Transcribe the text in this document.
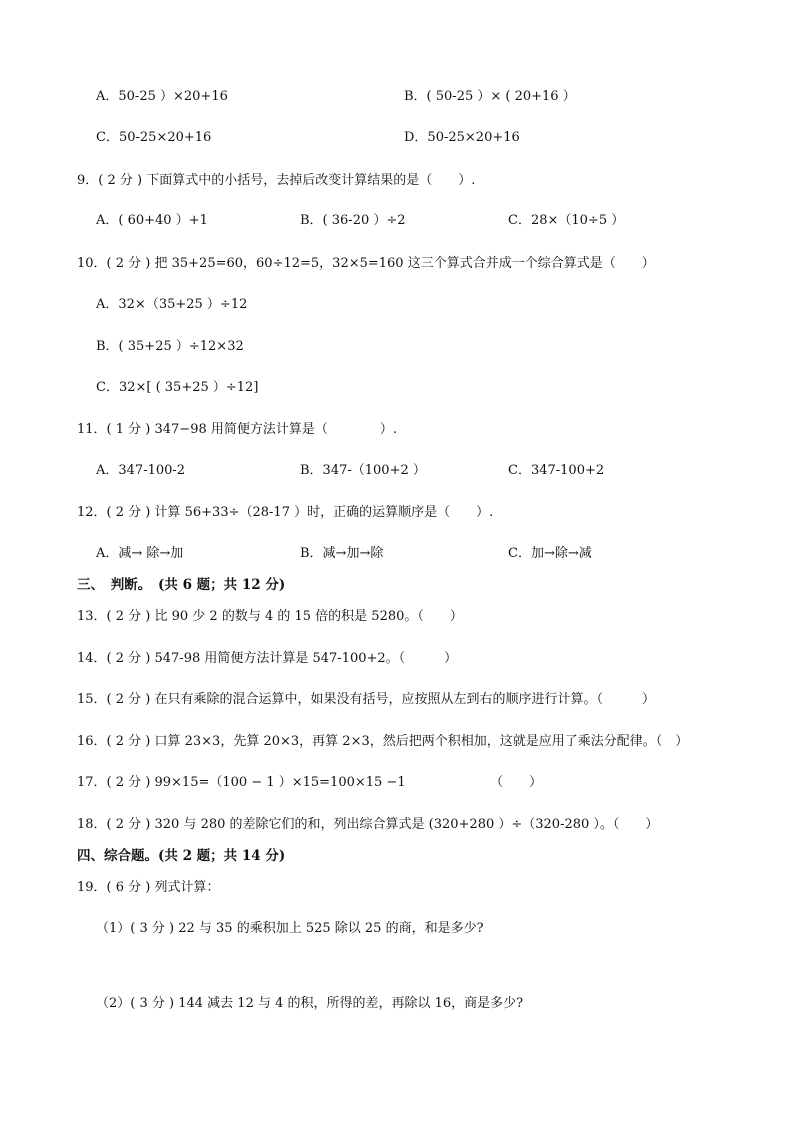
A．50-25 ）×20+16	B．( 50-25 ）× ( 20+16 ）
C．50-25×20+16	D．50-25×20+16
9．( 2 分 ) 下面算式中的小括号，去掉后改变计算结果的是（　　）.
A．( 60+40 ）+1	B．( 36-20 ）÷2	C．28×（10÷5 ）
10．( 2 分 ) 把 35+25=60，60÷12=5，32×5=160 这三个算式合并成一个综合算式是（　　）
A．32×（35+25 ）÷12
B．( 35+25 ）÷12×32
C．32×[ ( 35+25 ）÷12]
11．( 1 分 ) 347−98 用简便方法计算是（　　　　）.
A．347-100-2	B．347-（100+2 ）	C．347-100+2
12．( 2 分 ) 计算 56+33÷（28-17 ）时，正确的运算顺序是（　　）.
A．减→ 除→加	B．减→加→除	C．加→除→减
三、　判断。　(共 6 题；共 12 分)
13．( 2 分 ) 比 90 少 2 的数与 4 的 15 倍的积是 5280。（　　）
14．( 2 分 ) 547-98 用简便方法计算是 547-100+2。（　　　）
15．( 2 分 ) 在只有乘除的混合运算中，如果没有括号，应按照从左到右的顺序进行计算。（　　　）
16．( 2 分 ) 口算 23×3，先算 20×3，再算 2×3，然后把两个积相加，这就是应用了乘法分配律。（　）
17．( 2 分 ) 99×15=（100 − 1 ）×15=100×15 −1　　　　　　　（　　）
18．( 2 分 ) 320 与 280 的差除它们的和，列出综合算式是 (320+280 ）÷（320-280 ）。（　　）
四、综合题。(共 2 题；共 14 分)
19．( 6 分 ) 列式计算：
（1）( 3 分 ) 22 与 35 的乘积加上 525 除以 25 的商，和是多少?
（2）( 3 分 ) 144 减去 12 与 4 的积，所得的差，再除以 16，商是多少?
